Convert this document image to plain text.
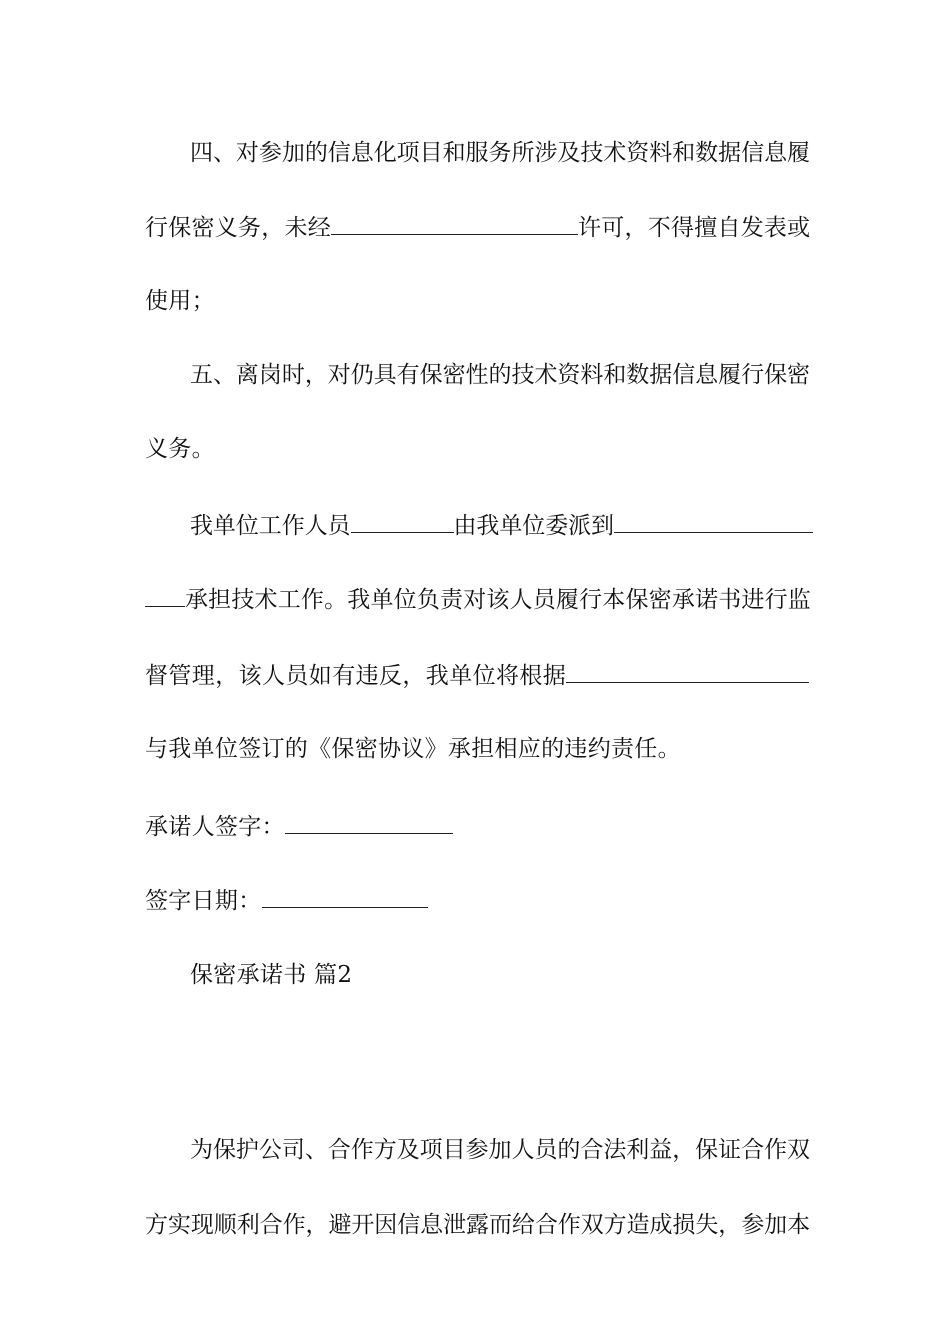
四、对参加的信息化项目和服务所涉及技术资料和数据信息履
行保密义务，未经	许可，不得擅自发表或
使用；
五、离岗时，对仍具有保密性的技术资料和数据信息履行保密
义务。
我单位工作人员	由我单位委派到
承担技术工作。我单位负责对该人员履行本保密承诺书进行监
督管理，该人员如有违反，我单位将根据
与我单位签订的《保密协议》承担相应的违约责任。
承诺人签字：
签字日期：
保密承诺书 篇2
为保护公司、合作方及项目参加人员的合法利益，保证合作双
方实现顺利合作，避开因信息泄露而给合作双方造成损失，参加本
